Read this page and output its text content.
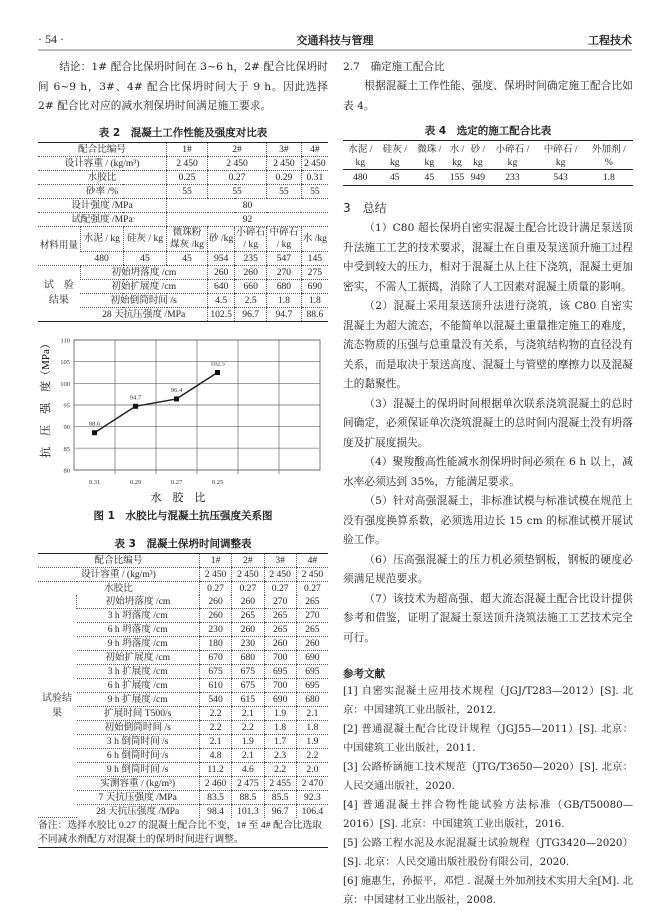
· 54 ·	交通科技与管理	工程技术

结论：1# 配合比保坍时间在 3~6 h，2# 配合比保坍时间 6~9 h，3#、4# 配合比保坍时间大于 9 h。因此选择 2# 配合比对应的减水剂保坍时间满足施工要求。

表 2　混凝土工作性能及强度对比表

配合比编号			1#	2#		3#	4#
设计容重 / (kg/m³)			2 450	2 450		2 450	2 450
水胶比			0.25	0.27		0.29	0.31
砂率 /%			55	55		55	55
设计强度 /MPa			80				
试配强度 /MPa			92				
材料用量	水泥 / kg	硅灰 / kg	微珠粉煤灰 /kg	砂 /kg	小碎石 / kg	中碎石 / kg	水 /kg
	480	45	45	954	235	547	145
试　验结果	初始坍落度 /cm			260	260	270	275
	初始扩展度 /cm			640	660	680	690
	初始倒筒时间 /s			4.5	2.5	1.8	1.8
	28 天抗压强度 /MPa			102.5	96.7	94.7	88.6
80
85
90
95
100
105
110
0.31	0.29	0.27	0.25
88.6
94.7
96.4
102.5
抗　压　强　度（MPa）
水　胶　比

图 1　水胶比与混凝土抗压强度关系图

表 3　混凝土保坍时间调整表

配合比编号		1#	2#	3#	4#
设计容重 / (kg/m³)		2 450	2 450	2 450	2 450
水胶比		0.27	0.27	0.27	0.27
试验结果	初始坍落度 /cm	260	260	270	265
	3 h 坍落度 /cm	260	265	265	270
	6 h 坍落度 /cm	230	260	265	265
	9 h 坍落度 /cm	180	230	260	260
	初始扩展度 /cm	670	680	700	690
	3 h 扩展度 /cm	675	675	695	695
	6 h 扩展度 /cm	610	675	700	695
	9 h 扩展度 /cm	540	615	690	680
	扩展时间 T500/s	2.2	2.1	1.9	2.1
	初始倒筒时间 /s	2.2	2.2	1.8	1.8
	3 h 倒筒时间 /s	2.1	1.9	1.7	1.9
	6 h 倒筒时间 /s	4.8	2.1	2.3	2.2
	9 h 倒筒时间 /s	11.2	4.6	2.2	2.0
	实测容重 / (kg/m³)	2 460	2 475	2 455	2 470
	7 天抗压强度 /MPa	83.5	88.5	85.5	92.3
	28 天抗压强度 /MPa	98.4	101.3	96.7	106.4
备注：选择水胶比 0.27 的混凝土配合比不变，1# 至 4# 配合比选取不同减水剂配方对混凝土的保坍时间进行调整。					

2.7　确定施工配合比

根据混凝土工作性能、强度、保坍时间确定施工配合比如表 4。

表 4　选定的施工配合比表

水泥 /	硅灰 /	微珠 /	水 /	砂 /	小碎石 /	中碎石 /	外加剂 /
kg	kg	kg	kg	kg	kg	kg	%
480	45	45	155	949	233	543	1.8

3　总结

（1）C80 超长保坍自密实混凝土配合比设计满足泵送顶升法施工工艺的技术要求，混凝土在自重及泵送顶升施工过程中受到较大的压力，相对于混凝土从上往下浇筑，混凝土更加密实，不需人工振捣，消除了人工因素对混凝土质量的影响。

（2）混凝土采用泵送顶升法进行浇筑，该 C80 自密实混凝土为超大流态，不能简单以混凝土重量推定施工的难度，流态物质的压强与总重量没有关系，与浇筑结构物的直径没有关系，而是取决于泵送高度、混凝土与管壁的摩擦力以及混凝土的黏聚性。

（3）混凝土的保坍时间根据单次联系浇筑混凝土的总时间确定，必须保证单次浇筑混凝土的总时间内混凝土没有坍落度及扩展度损失。

（4）聚羧酸高性能减水剂保坍时间必须在 6 h 以上，减水率必须达到 35%，方能满足要求。

（5）针对高强混凝土，非标准试模与标准试模在规范上没有强度换算系数，必须选用边长 15 cm 的标准试模开展试验工作。

（6）压高强混凝土的压力机必须垫钢板，钢板的硬度必须满足规范要求。

（7）该技术为超高强、超大流态混凝土配合比设计提供参考和借鉴，证明了混凝土泵送顶升浇筑法施工工艺技术完全可行。

参考文献

[1] 自密实混凝土应用技术规程（JGJ/T283—2012）[S]. 北京：中国建筑工业出版社，2012.

[2] 普通混凝土配合比设计规程（JGJ55—2011）[S]. 北京：中国建筑工业出版社，2011.

[3] 公路桥涵施工技术规范（JTG/T3650—2020）[S]. 北京：人民交通出版社，2020.

[4] 普通混凝土拌合物性能试验方法标准（GB/T50080—2016）[S]. 北京：中国建筑工业出版社，2016.

[5] 公路工程水泥及水泥混凝土试验规程（JTG3420—2020）[S]. 北京：人民交通出版社股份有限公司，2020.

[6] 施惠生，孙振平，邓恺 . 混凝土外加剂技术实用大全[M]. 北京：中国建材工业出版社，2008.
